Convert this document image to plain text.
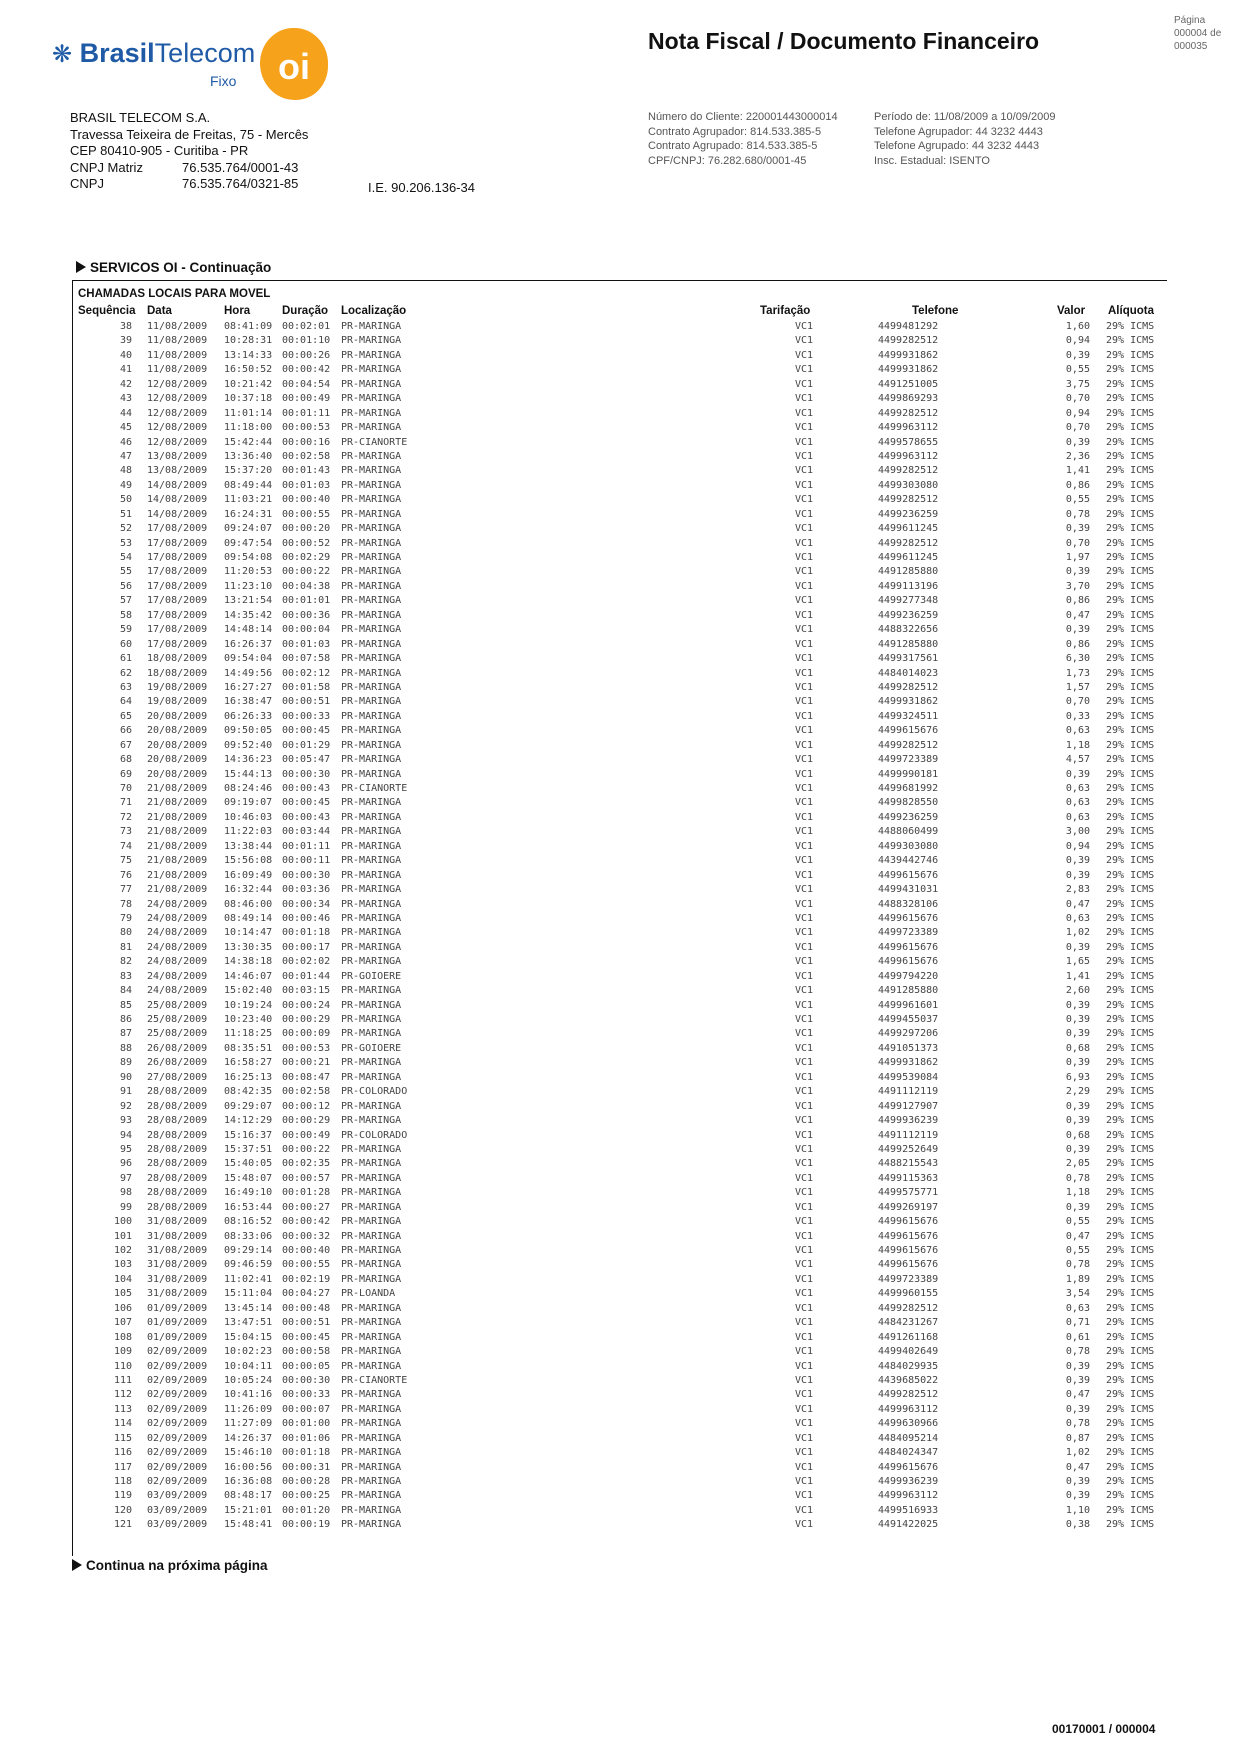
❋ BrasilTelecom
Fixo	oi
BRASIL TELECOM S.A.
Travessa Teixeira de Freitas, 75 - Mercês
CEP 80410-905 - Curitiba - PR
CNPJ Matriz	76.535.764/0001-43
CNPJ	76.535.764/0321-85	I.E. 90.206.136-34
Nota Fiscal / Documento Financeiro
Página
000004 de 000035
Número do Cliente: 220001443000014
Contrato Agrupador: 814.533.385-5
Contrato Agrupado: 814.533.385-5
CPF/CNPJ: 76.282.680/0001-45
Período de: 11/08/2009 a 10/09/2009
Telefone Agrupador: 44 3232 4443
Telefone Agrupado: 44 3232 4443
Insc. Estadual: ISENTO
SERVICOS OI - Continuação
CHAMADAS LOCAIS PARA MOVEL
Sequência Data	Hora	Duração Localização	Tarifação	Telefone	Valor Alíquota
38 11/08/2009 08:41:09 00:02:01 PR-MARINGA	VC1	4499481292	1,60 29% ICMS
39 11/08/2009 10:28:31 00:01:10 PR-MARINGA	VC1	4499282512	0,94 29% ICMS
40 11/08/2009 13:14:33 00:00:26 PR-MARINGA	VC1	4499931862	0,39 29% ICMS
41 11/08/2009 16:50:52 00:00:42 PR-MARINGA	VC1	4499931862	0,55 29% ICMS
42 12/08/2009 10:21:42 00:04:54 PR-MARINGA	VC1	4491251005	3,75 29% ICMS
43 12/08/2009 10:37:18 00:00:49 PR-MARINGA	VC1	4499869293	0,70 29% ICMS
44 12/08/2009 11:01:14 00:01:11 PR-MARINGA	VC1	4499282512	0,94 29% ICMS
45 12/08/2009 11:18:00 00:00:53 PR-MARINGA	VC1	4499963112	0,70 29% ICMS
46 12/08/2009 15:42:44 00:00:16 PR-CIANORTE	VC1	4499578655	0,39 29% ICMS
47 13/08/2009 13:36:40 00:02:58 PR-MARINGA	VC1	4499963112	2,36 29% ICMS
48 13/08/2009 15:37:20 00:01:43 PR-MARINGA	VC1	4499282512	1,41 29% ICMS
49 14/08/2009 08:49:44 00:01:03 PR-MARINGA	VC1	4499303080	0,86 29% ICMS
50 14/08/2009 11:03:21 00:00:40 PR-MARINGA	VC1	4499282512	0,55 29% ICMS
51 14/08/2009 16:24:31 00:00:55 PR-MARINGA	VC1	4499236259	0,78 29% ICMS
52 17/08/2009 09:24:07 00:00:20 PR-MARINGA	VC1	4499611245	0,39 29% ICMS
53 17/08/2009 09:47:54 00:00:52 PR-MARINGA	VC1	4499282512	0,70 29% ICMS
54 17/08/2009 09:54:08 00:02:29 PR-MARINGA	VC1	4499611245	1,97 29% ICMS
55 17/08/2009 11:20:53 00:00:22 PR-MARINGA	VC1	4491285880	0,39 29% ICMS
56 17/08/2009 11:23:10 00:04:38 PR-MARINGA	VC1	4499113196	3,70 29% ICMS
57 17/08/2009 13:21:54 00:01:01 PR-MARINGA	VC1	4499277348	0,86 29% ICMS
58 17/08/2009 14:35:42 00:00:36 PR-MARINGA	VC1	4499236259	0,47 29% ICMS
59 17/08/2009 14:48:14 00:00:04 PR-MARINGA	VC1	4488322656	0,39 29% ICMS
60 17/08/2009 16:26:37 00:01:03 PR-MARINGA	VC1	4491285880	0,86 29% ICMS
61 18/08/2009 09:54:04 00:07:58 PR-MARINGA	VC1	4499317561	6,30 29% ICMS
62 18/08/2009 14:49:56 00:02:12 PR-MARINGA	VC1	4484014023	1,73 29% ICMS
63 19/08/2009 16:27:27 00:01:58 PR-MARINGA	VC1	4499282512	1,57 29% ICMS
64 19/08/2009 16:38:47 00:00:51 PR-MARINGA	VC1	4499931862	0,70 29% ICMS
65 20/08/2009 06:26:33 00:00:33 PR-MARINGA	VC1	4499324511	0,33 29% ICMS
66 20/08/2009 09:50:05 00:00:45 PR-MARINGA	VC1	4499615676	0,63 29% ICMS
67 20/08/2009 09:52:40 00:01:29 PR-MARINGA	VC1	4499282512	1,18 29% ICMS
68 20/08/2009 14:36:23 00:05:47 PR-MARINGA	VC1	4499723389	4,57 29% ICMS
69 20/08/2009 15:44:13 00:00:30 PR-MARINGA	VC1	4499990181	0,39 29% ICMS
70 21/08/2009 08:24:46 00:00:43 PR-CIANORTE	VC1	4499681992	0,63 29% ICMS
71 21/08/2009 09:19:07 00:00:45 PR-MARINGA	VC1	4499828550	0,63 29% ICMS
72 21/08/2009 10:46:03 00:00:43 PR-MARINGA	VC1	4499236259	0,63 29% ICMS
73 21/08/2009 11:22:03 00:03:44 PR-MARINGA	VC1	4488060499	3,00 29% ICMS
74 21/08/2009 13:38:44 00:01:11 PR-MARINGA	VC1	4499303080	0,94 29% ICMS
75 21/08/2009 15:56:08 00:00:11 PR-MARINGA	VC1	4439442746	0,39 29% ICMS
76 21/08/2009 16:09:49 00:00:30 PR-MARINGA	VC1	4499615676	0,39 29% ICMS
77 21/08/2009 16:32:44 00:03:36 PR-MARINGA	VC1	4499431031	2,83 29% ICMS
78 24/08/2009 08:46:00 00:00:34 PR-MARINGA	VC1	4488328106	0,47 29% ICMS
79 24/08/2009 08:49:14 00:00:46 PR-MARINGA	VC1	4499615676	0,63 29% ICMS
80 24/08/2009 10:14:47 00:01:18 PR-MARINGA	VC1	4499723389	1,02 29% ICMS
81 24/08/2009 13:30:35 00:00:17 PR-MARINGA	VC1	4499615676	0,39 29% ICMS
82 24/08/2009 14:38:18 00:02:02 PR-MARINGA	VC1	4499615676	1,65 29% ICMS
83 24/08/2009 14:46:07 00:01:44 PR-GOIOERE	VC1	4499794220	1,41 29% ICMS
84 24/08/2009 15:02:40 00:03:15 PR-MARINGA	VC1	4491285880	2,60 29% ICMS
85 25/08/2009 10:19:24 00:00:24 PR-MARINGA	VC1	4499961601	0,39 29% ICMS
86 25/08/2009 10:23:40 00:00:29 PR-MARINGA	VC1	4499455037	0,39 29% ICMS
87 25/08/2009 11:18:25 00:00:09 PR-MARINGA	VC1	4499297206	0,39 29% ICMS
88 26/08/2009 08:35:51 00:00:53 PR-GOIOERE	VC1	4491051373	0,68 29% ICMS
89 26/08/2009 16:58:27 00:00:21 PR-MARINGA	VC1	4499931862	0,39 29% ICMS
90 27/08/2009 16:25:13 00:08:47 PR-MARINGA	VC1	4499539084	6,93 29% ICMS
91 28/08/2009 08:42:35 00:02:58 PR-COLORADO	VC1	4491112119	2,29 29% ICMS
92 28/08/2009 09:29:07 00:00:12 PR-MARINGA	VC1	4499127907	0,39 29% ICMS
93 28/08/2009 14:12:29 00:00:29 PR-MARINGA	VC1	4499936239	0,39 29% ICMS
94 28/08/2009 15:16:37 00:00:49 PR-COLORADO	VC1	4491112119	0,68 29% ICMS
95 28/08/2009 15:37:51 00:00:22 PR-MARINGA	VC1	4499252649	0,39 29% ICMS
96 28/08/2009 15:40:05 00:02:35 PR-MARINGA	VC1	4488215543	2,05 29% ICMS
97 28/08/2009 15:48:07 00:00:57 PR-MARINGA	VC1	4499115363	0,78 29% ICMS
98 28/08/2009 16:49:10 00:01:28 PR-MARINGA	VC1	4499575771	1,18 29% ICMS
99 28/08/2009 16:53:44 00:00:27 PR-MARINGA	VC1	4499269197	0,39 29% ICMS
100 31/08/2009 08:16:52 00:00:42 PR-MARINGA	VC1	4499615676	0,55 29% ICMS
101 31/08/2009 08:33:06 00:00:32 PR-MARINGA	VC1	4499615676	0,47 29% ICMS
102 31/08/2009 09:29:14 00:00:40 PR-MARINGA	VC1	4499615676	0,55 29% ICMS
103 31/08/2009 09:46:59 00:00:55 PR-MARINGA	VC1	4499615676	0,78 29% ICMS
104 31/08/2009 11:02:41 00:02:19 PR-MARINGA	VC1	4499723389	1,89 29% ICMS
105 31/08/2009 15:11:04 00:04:27 PR-LOANDA	VC1	4499960155	3,54 29% ICMS
106 01/09/2009 13:45:14 00:00:48 PR-MARINGA	VC1	4499282512	0,63 29% ICMS
107 01/09/2009 13:47:51 00:00:51 PR-MARINGA	VC1	4484231267	0,71 29% ICMS
108 01/09/2009 15:04:15 00:00:45 PR-MARINGA	VC1	4491261168	0,61 29% ICMS
109 02/09/2009 10:02:23 00:00:58 PR-MARINGA	VC1	4499402649	0,78 29% ICMS
110 02/09/2009 10:04:11 00:00:05 PR-MARINGA	VC1	4484029935	0,39 29% ICMS
111 02/09/2009 10:05:24 00:00:30 PR-CIANORTE	VC1	4439685022	0,39 29% ICMS
112 02/09/2009 10:41:16 00:00:33 PR-MARINGA	VC1	4499282512	0,47 29% ICMS
113 02/09/2009 11:26:09 00:00:07 PR-MARINGA	VC1	4499963112	0,39 29% ICMS
114 02/09/2009 11:27:09 00:01:00 PR-MARINGA	VC1	4499630966	0,78 29% ICMS
115 02/09/2009 14:26:37 00:01:06 PR-MARINGA	VC1	4484095214	0,87 29% ICMS
116 02/09/2009 15:46:10 00:01:18 PR-MARINGA	VC1	4484024347	1,02 29% ICMS
117 02/09/2009 16:00:56 00:00:31 PR-MARINGA	VC1	4499615676	0,47 29% ICMS
118 02/09/2009 16:36:08 00:00:28 PR-MARINGA	VC1	4499936239	0,39 29% ICMS
119 03/09/2009 08:48:17 00:00:25 PR-MARINGA	VC1	4499963112	0,39 29% ICMS
120 03/09/2009 15:21:01 00:01:20 PR-MARINGA	VC1	4499516933	1,10 29% ICMS
121 03/09/2009 15:48:41 00:00:19 PR-MARINGA	VC1	4491422025	0,38 29% ICMS
Continua na próxima página
00170001 / 000004
